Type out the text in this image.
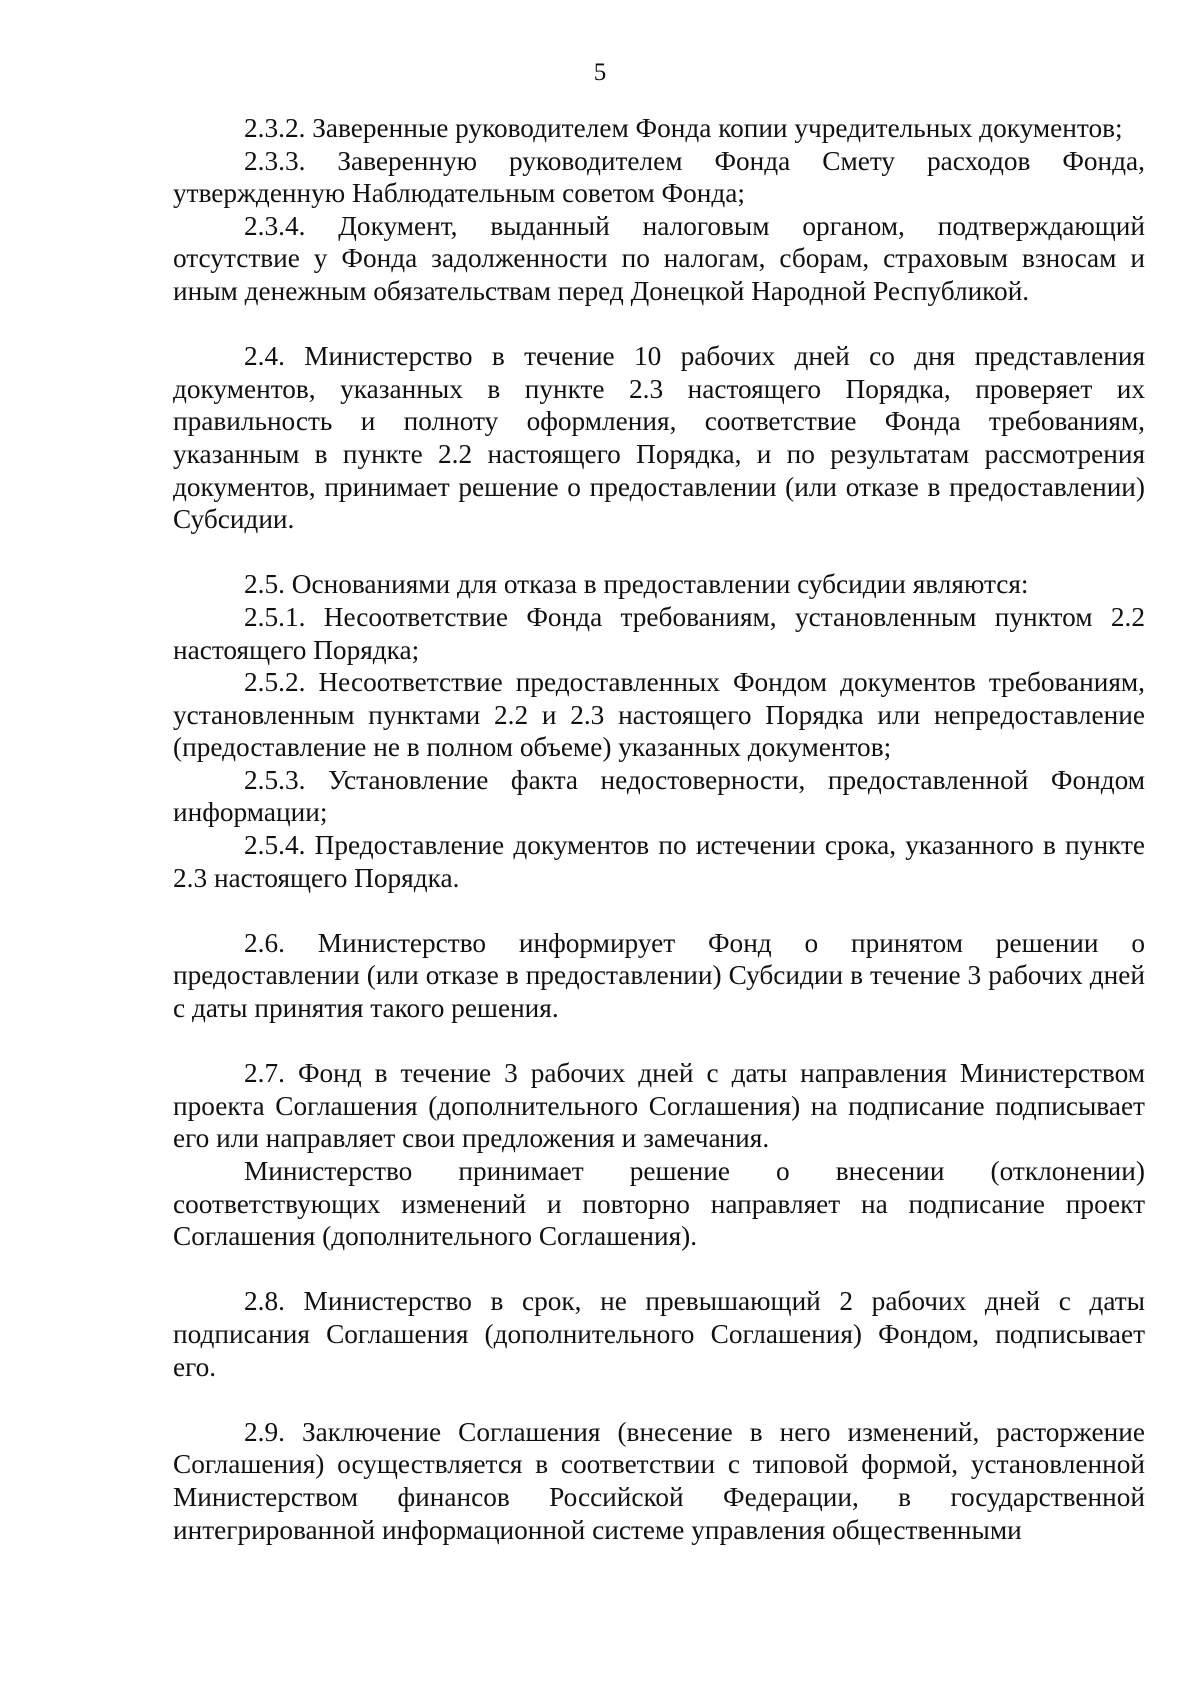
5

2.3.2. Заверенные руководителем Фонда копии учредительных документов;

2.3.3. Заверенную руководителем Фонда Смету расходов Фонда, утвержденную Наблюдательным советом Фонда;

2.3.4. Документ, выданный налоговым органом, подтверждающий отсутствие у Фонда задолженности по налогам, сборам, страховым взносам и иным денежным обязательствам перед Донецкой Народной Республикой.

2.4. Министерство в течение 10 рабочих дней со дня представления документов, указанных в пункте 2.3 настоящего Порядка, проверяет их правильность и полноту оформления, соответствие Фонда требованиям, указанным в пункте 2.2 настоящего Порядка, и по результатам рассмотрения документов, принимает решение о предоставлении (или отказе в предоставлении) Субсидии.

2.5. Основаниями для отказа в предоставлении субсидии являются:

2.5.1. Несоответствие Фонда требованиям, установленным пунктом 2.2 настоящего Порядка;

2.5.2. Несоответствие предоставленных Фондом документов требованиям, установленным пунктами 2.2 и 2.3 настоящего Порядка или непредоставление (предоставление не в полном объеме) указанных документов;

2.5.3. Установление факта недостоверности, предоставленной Фондом информации;

2.5.4. Предоставление документов по истечении срока, указанного в пункте 2.3 настоящего Порядка.

2.6. Министерство информирует Фонд о принятом решении о предоставлении (или отказе в предоставлении) Субсидии в течение 3 рабочих дней с даты принятия такого решения.

2.7. Фонд в течение 3 рабочих дней с даты направления Министерством проекта Соглашения (дополнительного Соглашения) на подписание подписывает его или направляет свои предложения и замечания.

Министерство принимает решение о внесении (отклонении) соответствующих изменений и повторно направляет на подписание проект Соглашения (дополнительного Соглашения).

2.8. Министерство в срок, не превышающий 2 рабочих дней с даты подписания Соглашения (дополнительного Соглашения) Фондом, подписывает его.

2.9. Заключение Соглашения (внесение в него изменений, расторжение Соглашения) осуществляется в соответствии с типовой формой, установленной Министерством финансов Российской Федерации, в государственной интегрированной информационной системе управления общественными
